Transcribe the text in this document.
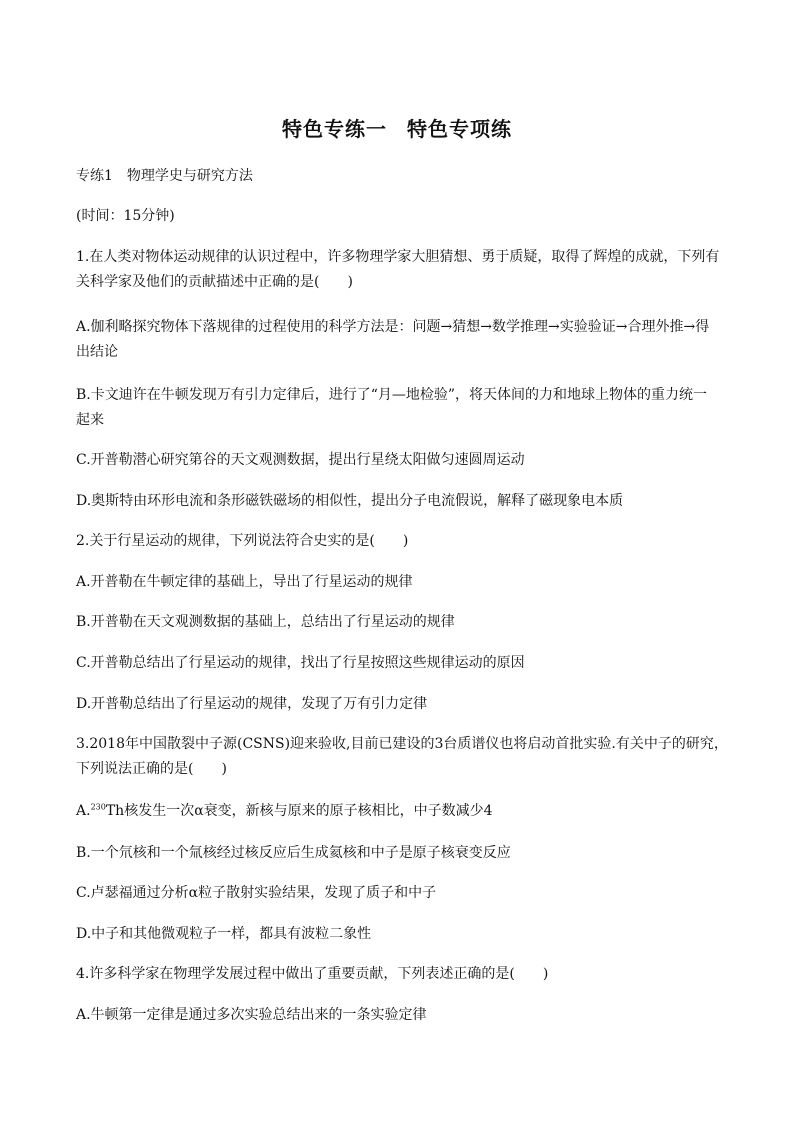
特色专练一 特色专项练

专练1　物理学史与研究方法

(时间：15分钟)

1.在人类对物体运动规律的认识过程中，许多物理学家大胆猜想、勇于质疑，取得了辉煌的成就，下列有

关科学家及他们的贡献描述中正确的是(　　)

A.伽利略探究物体下落规律的过程使用的科学方法是：问题→猜想→数学推理→实验验证→合理外推→得

出结论

B.卡文迪许在牛顿发现万有引力定律后，进行了“月—地检验”，将天体间的力和地球上物体的重力统一

起来

C.开普勒潜心研究第谷的天文观测数据，提出行星绕太阳做匀速圆周运动

D.奥斯特由环形电流和条形磁铁磁场的相似性，提出分子电流假说，解释了磁现象电本质

2.关于行星运动的规律，下列说法符合史实的是(　　)

A.开普勒在牛顿定律的基础上，导出了行星运动的规律

B.开普勒在天文观测数据的基础上，总结出了行星运动的规律

C.开普勒总结出了行星运动的规律，找出了行星按照这些规律运动的原因

D.开普勒总结出了行星运动的规律，发现了万有引力定律

3.2018年中国散裂中子源(CSNS)迎来验收,目前已建设的3台质谱仪也将启动首批实验.有关中子的研究，

下列说法正确的是(　　)

A.$^{230}$Th核发生一次α衰变，新核与原来的原子核相比，中子数减少4

B.一个氘核和一个氚核经过核反应后生成氦核和中子是原子核衰变反应

C.卢瑟福通过分析α粒子散射实验结果，发现了质子和中子

D.中子和其他微观粒子一样，都具有波粒二象性

4.许多科学家在物理学发展过程中做出了重要贡献，下列表述正确的是(　　)

A.牛顿第一定律是通过多次实验总结出来的一条实验定律
